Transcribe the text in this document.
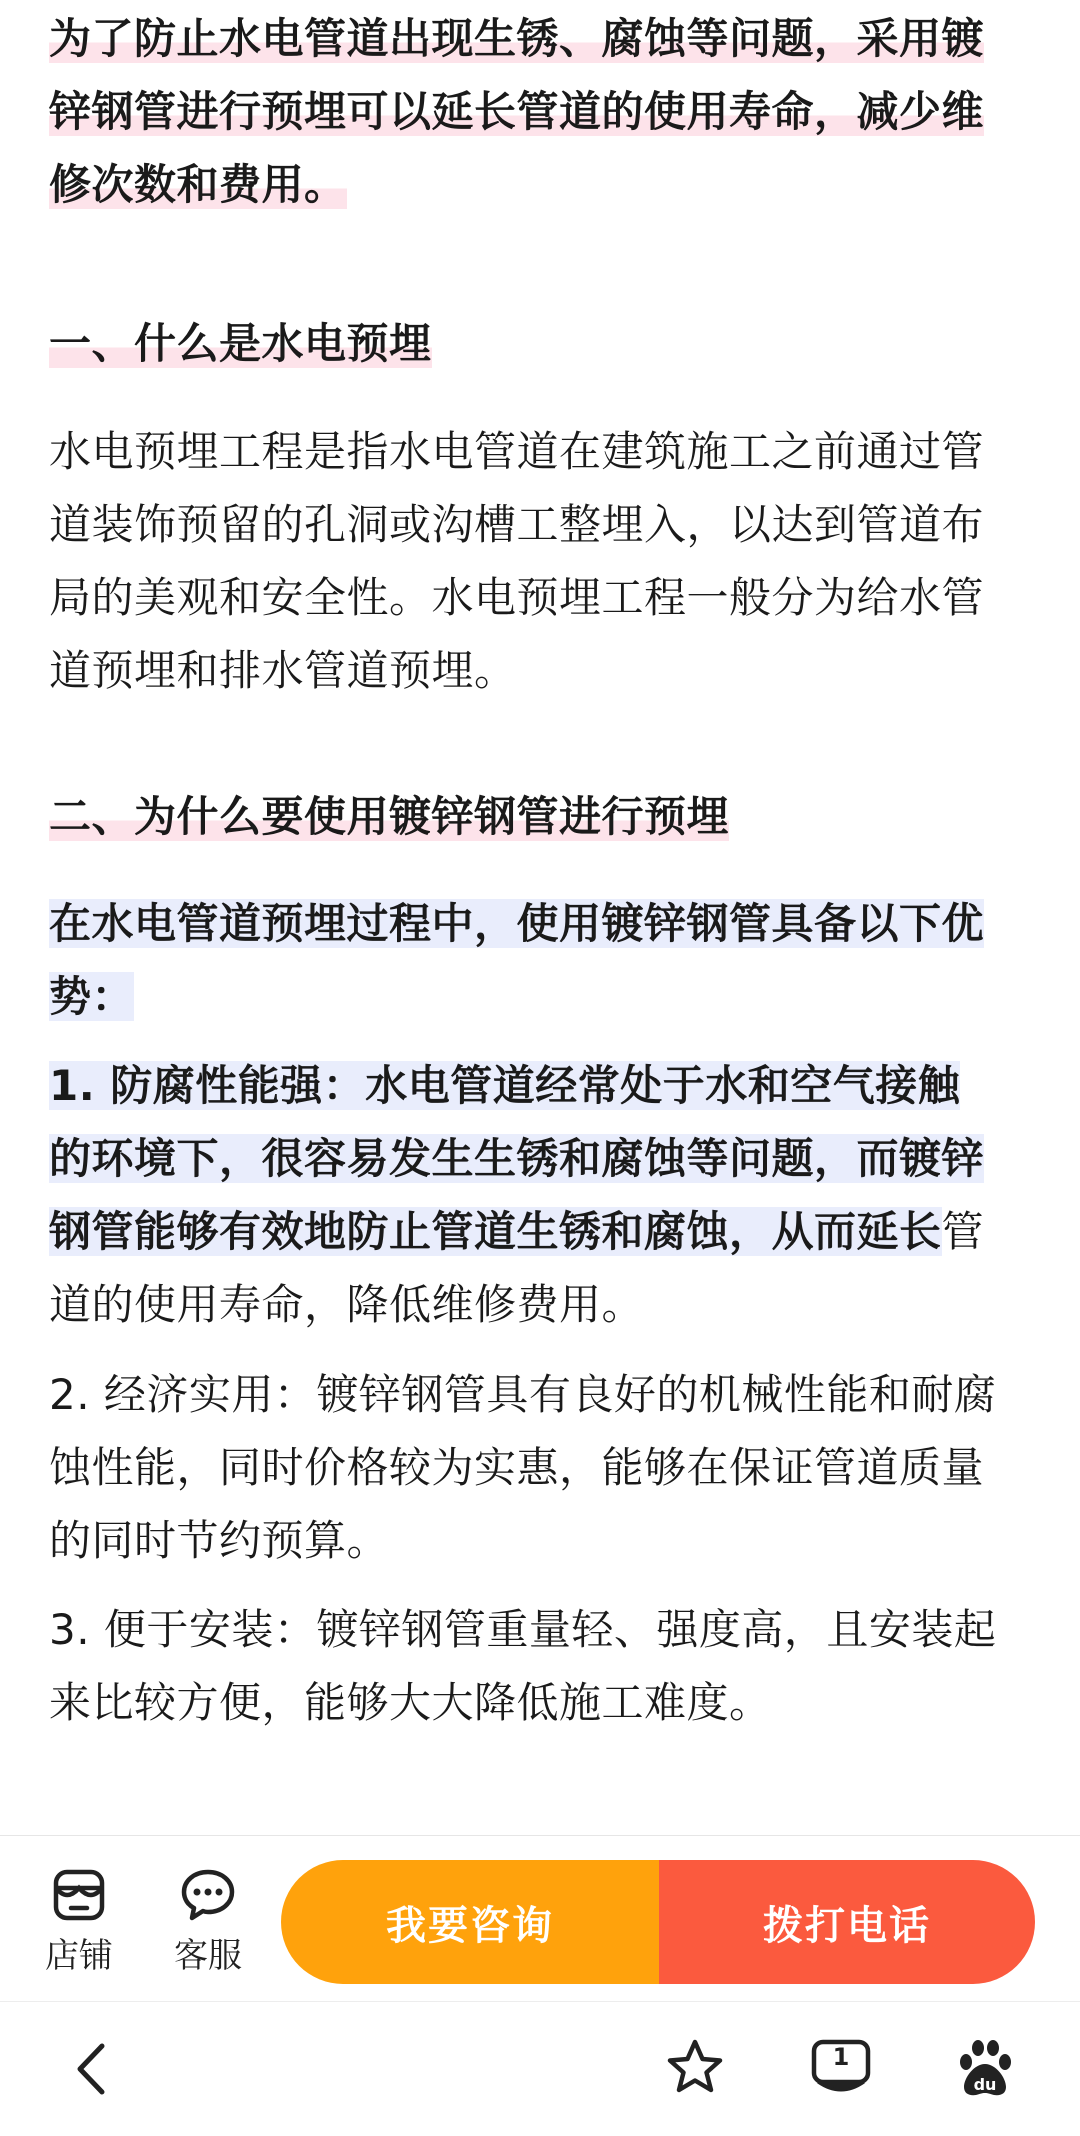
为了防止水电管道出现生锈、腐蚀等问题，采用镀锌钢管进行预埋可以延长管道的使用寿命，减少维修次数和费用。

一、什么是水电预埋

水电预埋工程是指水电管道在建筑施工之前通过管道装饰预留的孔洞或沟槽工整埋入，以达到管道布局的美观和安全性。水电预埋工程一般分为给水管道预埋和排水管道预埋。

二、为什么要使用镀锌钢管进行预埋

在水电管道预埋过程中，使用镀锌钢管具备以下优势：

1. 防腐性能强：水电管道经常处于水和空气接触的环境下，很容易发生生锈和腐蚀等问题，而镀锌钢管能够有效地防止管道生锈和腐蚀，从而延长管道的使用寿命，降低维修费用。

2. 经济实用：镀锌钢管具有良好的机械性能和耐腐蚀性能，同时价格较为实惠，能够在保证管道质量的同时节约预算。

3. 便于安装：镀锌钢管重量轻、强度高，且安装起来比较方便，能够大大降低施工难度。

店铺 客服
我要咨询	拨打电话
1
du
